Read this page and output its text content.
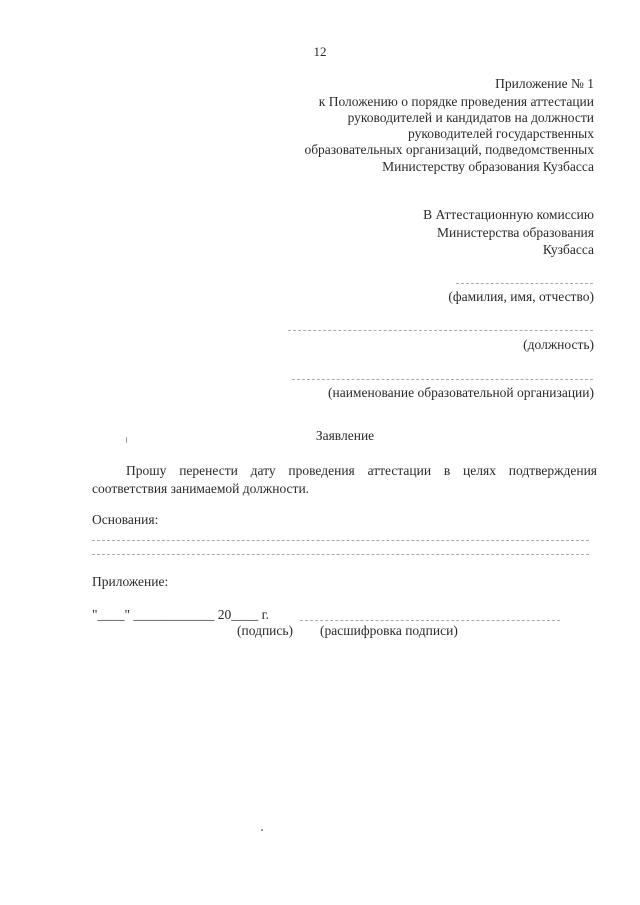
12
Приложение № 1
к Положению о порядке проведения аттестации
руководителей и кандидатов на должности
руководителей государственных
образовательных организаций, подведомственных
Министерству образования Кузбасса
В Аттестационную комиссию
Министерства образования
Кузбасса
(фамилия, имя, отчество)
(должность)
(наименование образовательной организации)
Заявление
Прошу перенести дату проведения аттестации в целях подтверждения
соответствия занимаемой должности.
Основания:
Приложение:
"____" ____________ 20____ г.
(подпись) (расшифровка подписи)
